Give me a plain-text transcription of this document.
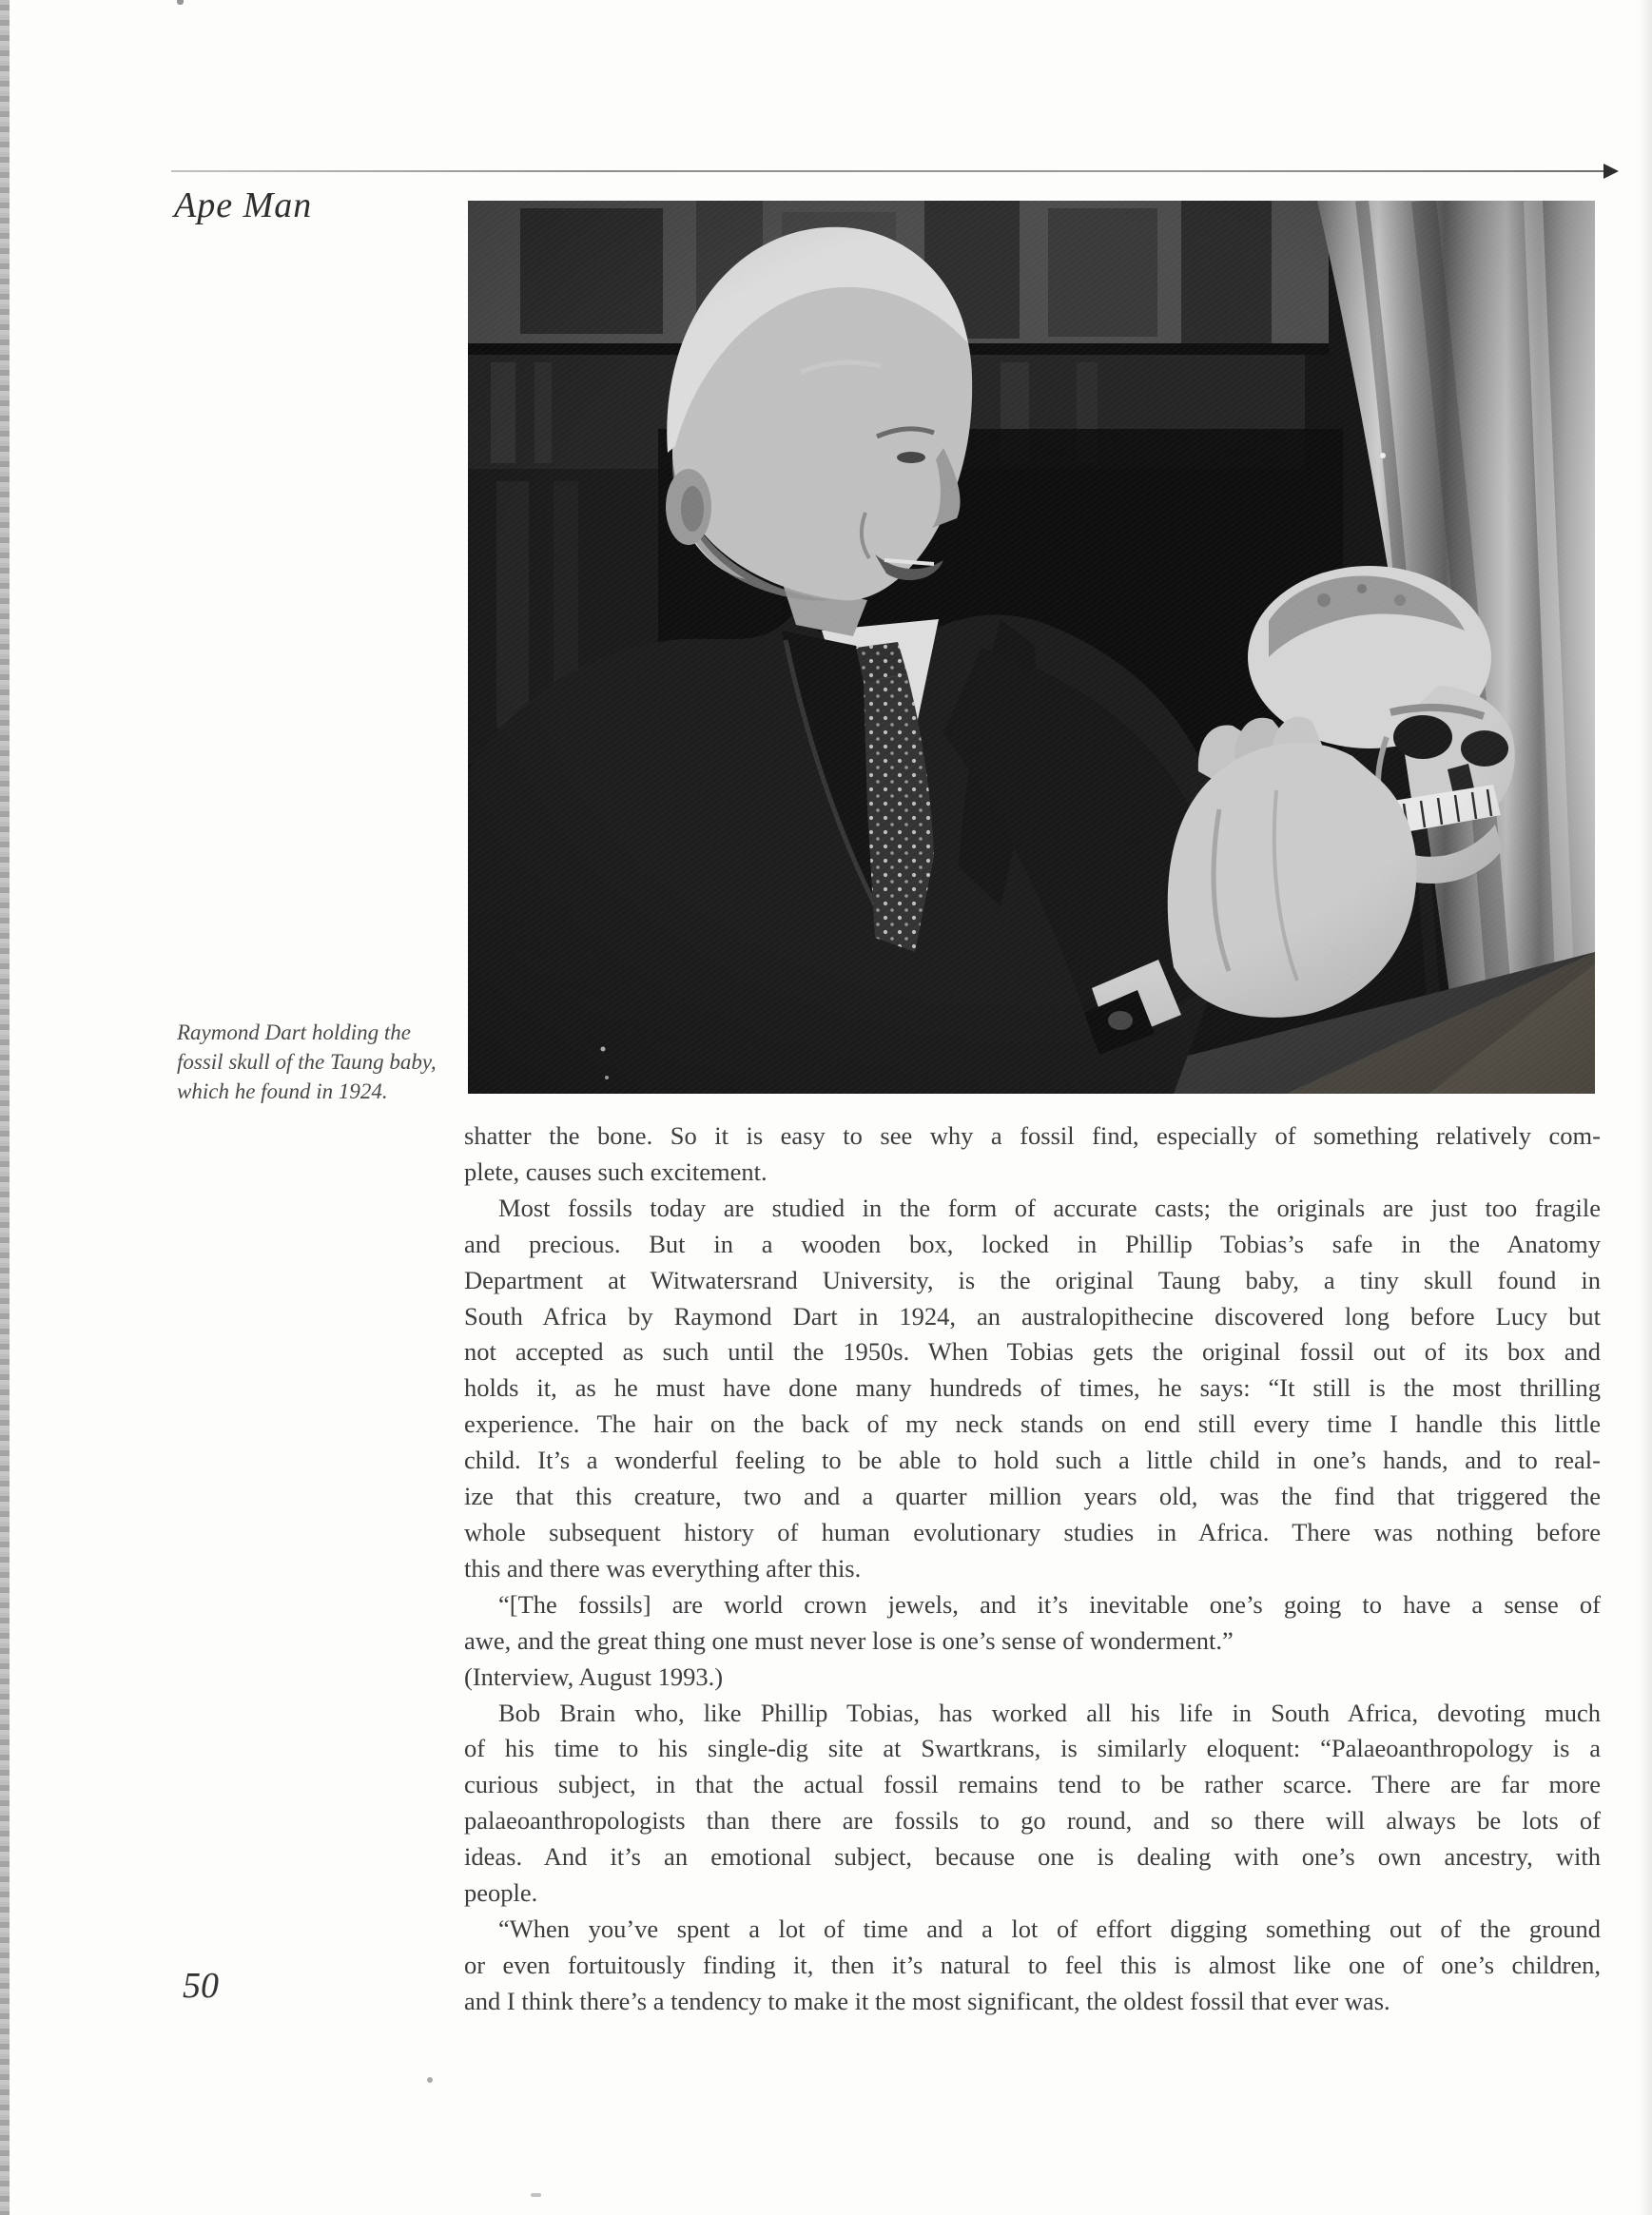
Ape Man
Raymond Dart holding the
fossil skull of the Taung baby,
which he found in 1924.
shatter the bone. So it is easy to see why a fossil find, especially of something relatively com-
plete, causes such excitement.
Most fossils today are studied in the form of accurate casts; the originals are just too fragile
and precious. But in a wooden box, locked in Phillip Tobias’s safe in the Anatomy
Department at Witwatersrand University, is the original Taung baby, a tiny skull found in
South Africa by Raymond Dart in 1924, an australopithecine discovered long before Lucy but
not accepted as such until the 1950s. When Tobias gets the original fossil out of its box and
holds it, as he must have done many hundreds of times, he says: “It still is the most thrilling
experience. The hair on the back of my neck stands on end still every time I handle this little
child. It’s a wonderful feeling to be able to hold such a little child in one’s hands, and to real-
ize that this creature, two and a quarter million years old, was the find that triggered the
whole subsequent history of human evolutionary studies in Africa. There was nothing before
this and there was everything after this.
“[The fossils] are world crown jewels, and it’s inevitable one’s going to have a sense of
awe, and the great thing one must never lose is one’s sense of wonderment.”
(Interview, August 1993.)
Bob Brain who, like Phillip Tobias, has worked all his life in South Africa, devoting much
of his time to his single-dig site at Swartkrans, is similarly eloquent: “Palaeoanthropology is a
curious subject, in that the actual fossil remains tend to be rather scarce. There are far more
palaeoanthropologists than there are fossils to go round, and so there will always be lots of
ideas. And it’s an emotional subject, because one is dealing with one’s own ancestry, with
people.
“When you’ve spent a lot of time and a lot of effort digging something out of the ground
or even fortuitously finding it, then it’s natural to feel this is almost like one of one’s children,
and I think there’s a tendency to make it the most significant, the oldest fossil that ever was.
50
